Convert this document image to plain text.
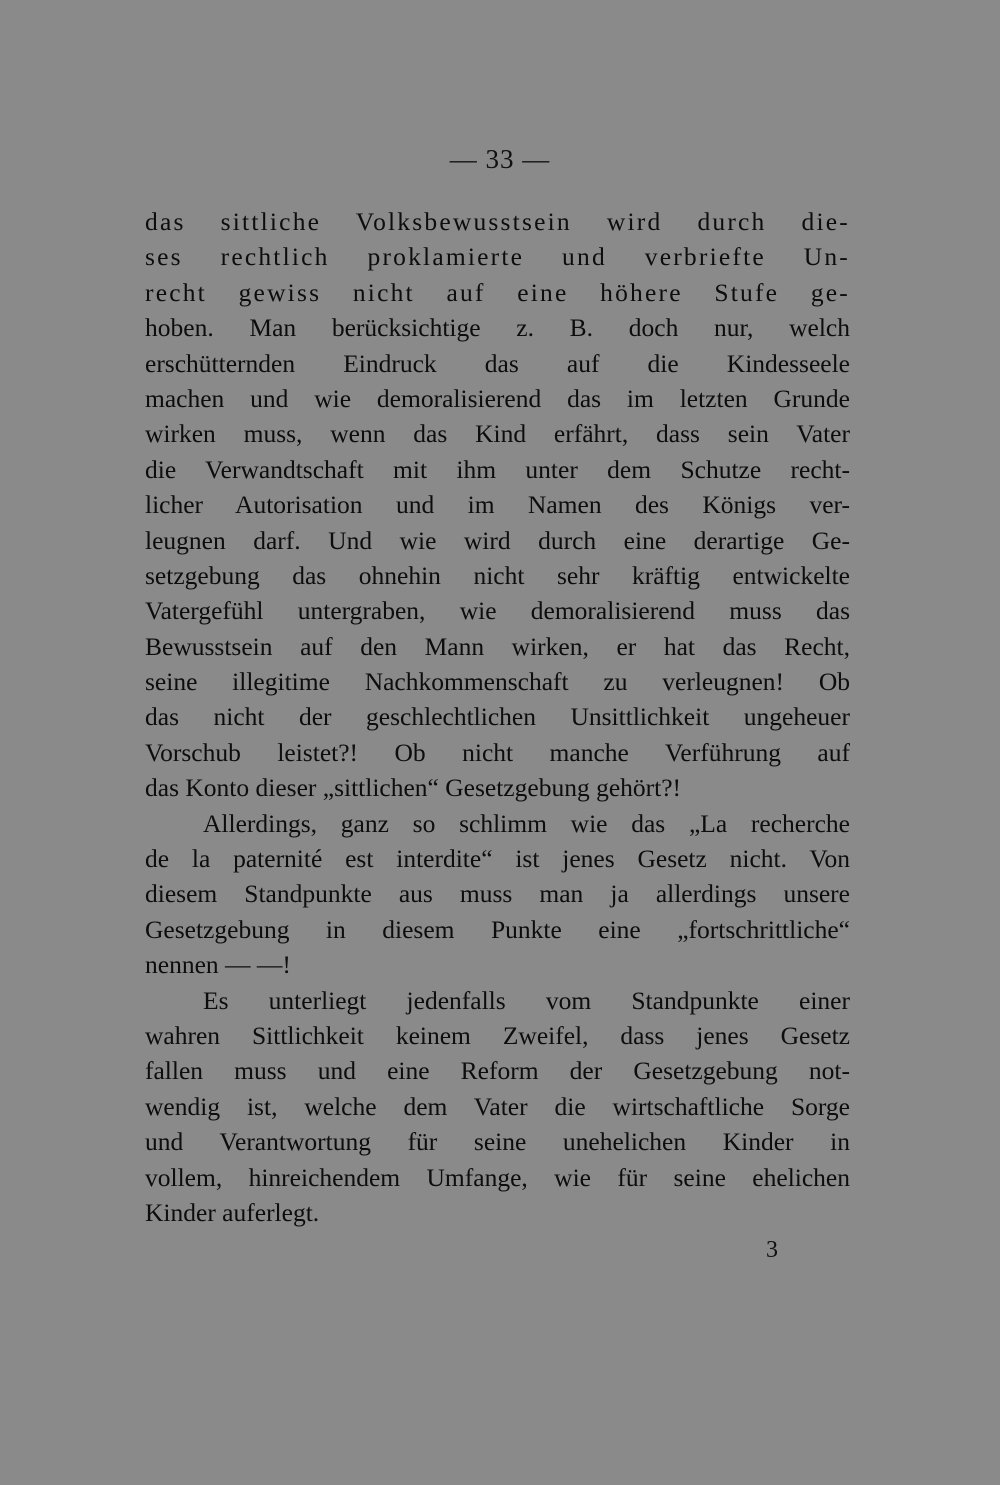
— 33 —
das sittliche Volksbewusstsein wird durch die-
ses rechtlich proklamierte und verbriefte Un-
recht gewiss nicht auf eine höhere Stufe ge-
hoben. Man berücksichtige z. B. doch nur, welch
erschütternden Eindruck das auf die Kindesseele
machen und wie demoralisierend das im letzten Grunde
wirken muss, wenn das Kind erfährt, dass sein Vater
die Verwandtschaft mit ihm unter dem Schutze recht-
licher Autorisation und im Namen des Königs ver-
leugnen darf. Und wie wird durch eine derartige Ge-
setzgebung das ohnehin nicht sehr kräftig entwickelte
Vatergefühl untergraben, wie demoralisierend muss das
Bewusstsein auf den Mann wirken, er hat das Recht,
seine illegitime Nachkommenschaft zu verleugnen! Ob
das nicht der geschlechtlichen Unsittlichkeit ungeheuer
Vorschub leistet?! Ob nicht manche Verführung auf
das Konto dieser „sittlichen“ Gesetzgebung gehört?!
Allerdings, ganz so schlimm wie das „La recherche
de la paternité est interdite“ ist jenes Gesetz nicht. Von
diesem Standpunkte aus muss man ja allerdings unsere
Gesetzgebung in diesem Punkte eine „fortschrittliche“
nennen — —!
Es unterliegt jedenfalls vom Standpunkte einer
wahren Sittlichkeit keinem Zweifel, dass jenes Gesetz
fallen muss und eine Reform der Gesetzgebung not-
wendig ist, welche dem Vater die wirtschaftliche Sorge
und Verantwortung für seine unehelichen Kinder in
vollem, hinreichendem Umfange, wie für seine ehelichen
Kinder auferlegt.
3
